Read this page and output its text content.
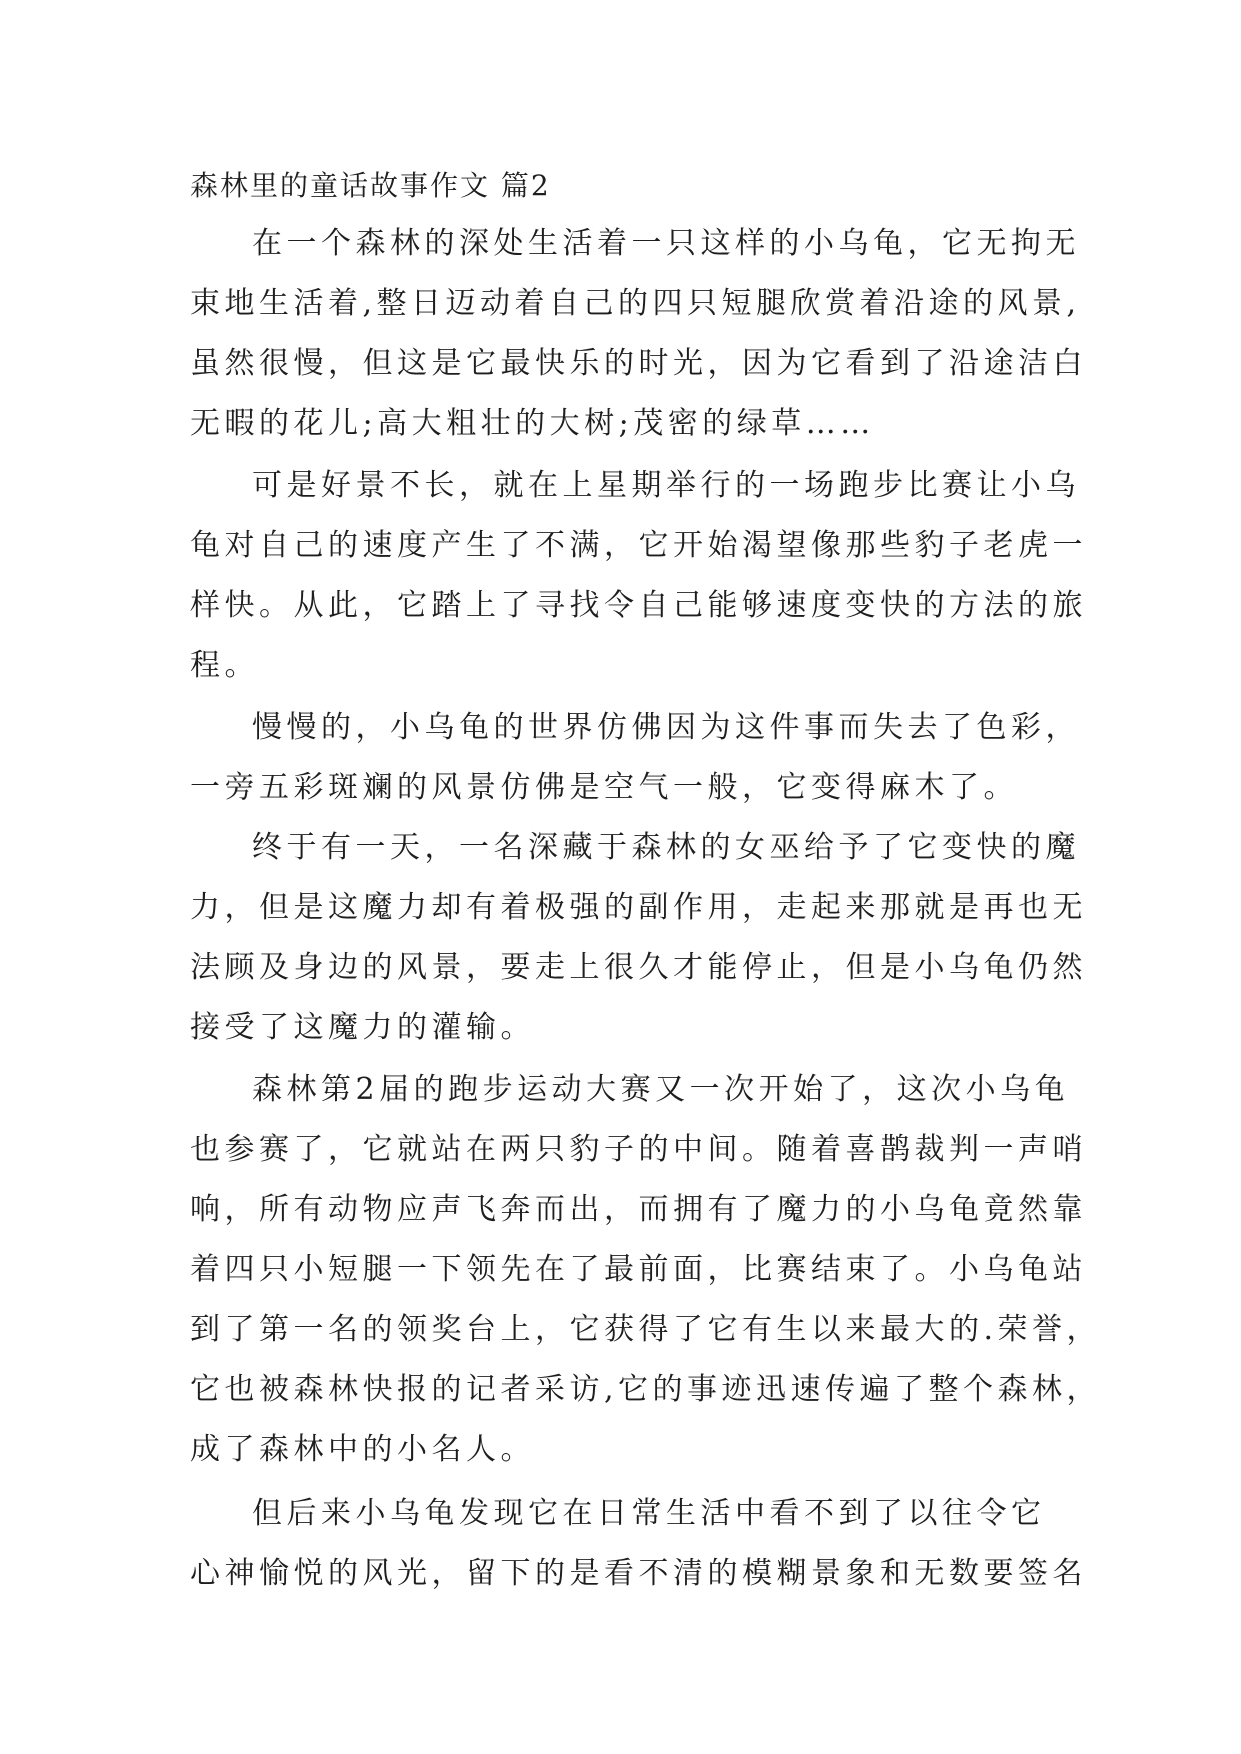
森林里的童话故事作文 篇2
在一个森林的深处生活着一只这样的小乌龟，它无拘无
束地生活着,整日迈动着自己的四只短腿欣赏着沿途的风景,
虽然很慢，但这是它最快乐的时光，因为它看到了沿途洁白
无暇的花儿;高大粗壮的大树;茂密的绿草……
可是好景不长，就在上星期举行的一场跑步比赛让小乌
龟对自己的速度产生了不满，它开始渴望像那些豹子老虎一
样快。从此，它踏上了寻找令自己能够速度变快的方法的旅
程。
慢慢的，小乌龟的世界仿佛因为这件事而失去了色彩，
一旁五彩斑斓的风景仿佛是空气一般，它变得麻木了。
终于有一天，一名深藏于森林的女巫给予了它变快的魔
力，但是这魔力却有着极强的副作用，走起来那就是再也无
法顾及身边的风景，要走上很久才能停止，但是小乌龟仍然
接受了这魔力的灌输。
森林第2届的跑步运动大赛又一次开始了，这次小乌龟
也参赛了，它就站在两只豹子的中间。随着喜鹊裁判一声哨
响，所有动物应声飞奔而出，而拥有了魔力的小乌龟竟然靠
着四只小短腿一下领先在了最前面，比赛结束了。小乌龟站
到了第一名的领奖台上，它获得了它有生以来最大的.荣誉，
它也被森林快报的记者采访,它的事迹迅速传遍了整个森林，
成了森林中的小名人。
但后来小乌龟发现它在日常生活中看不到了以往令它
心神愉悦的风光，留下的是看不清的模糊景象和无数要签名
